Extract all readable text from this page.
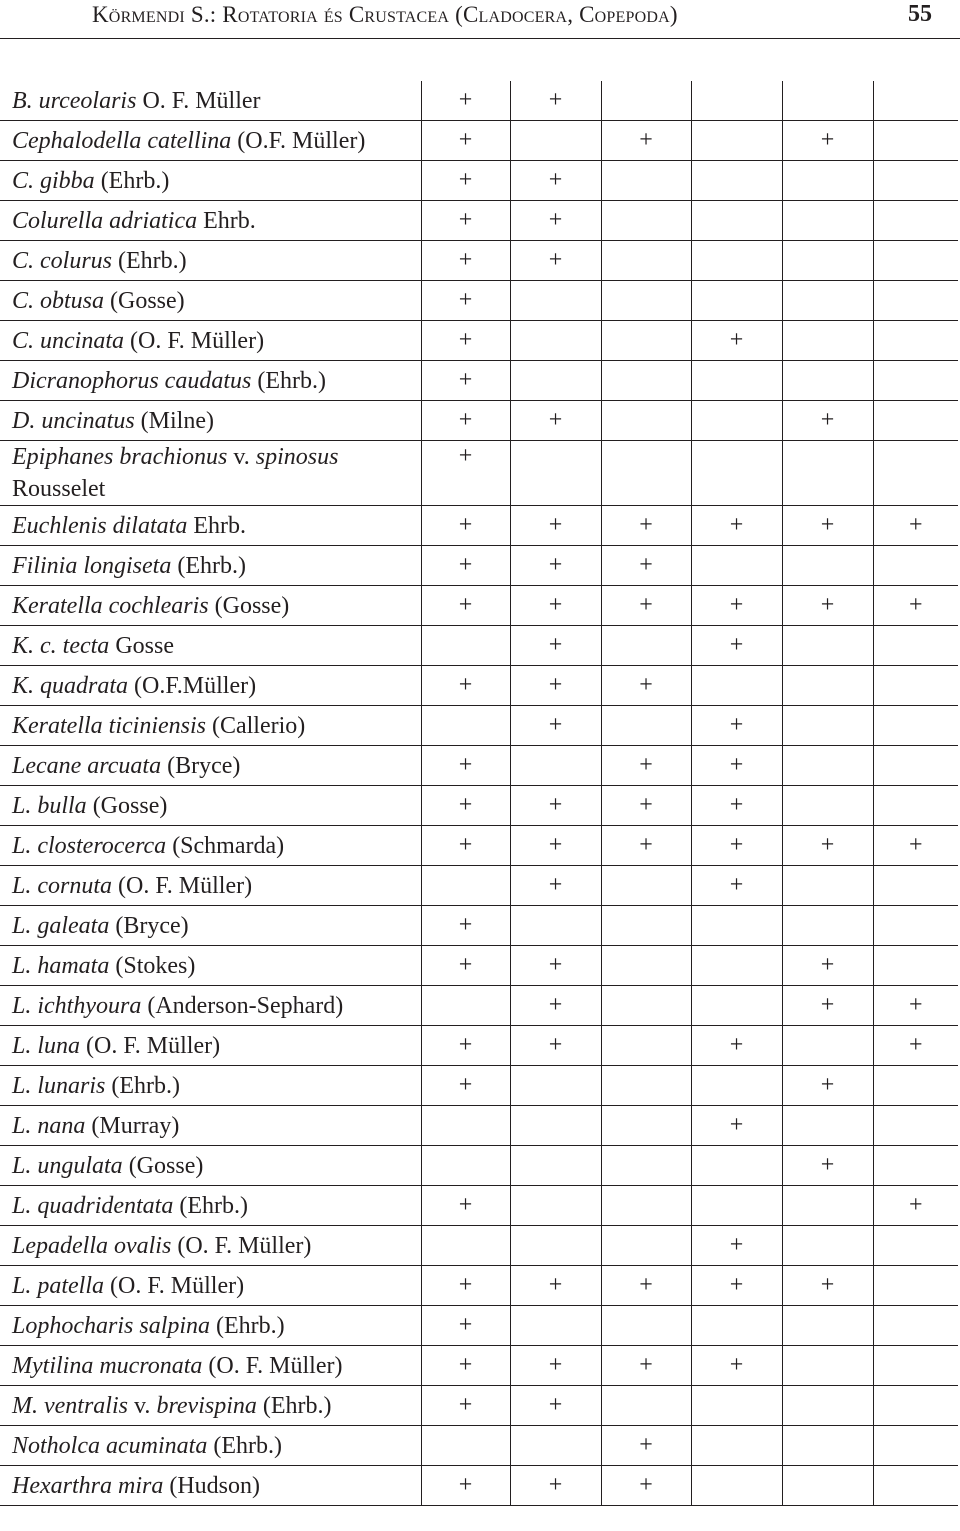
Körmendi S.: Rotatoria és Crustacea (Cladocera, Copepoda)	55
B. urceolaris O. F. Müller	+	+				
Cephalodella catellina (O.F. Müller)	+		+		+	
C. gibba (Ehrb.)	+	+				
Colurella adriatica Ehrb.	+	+				
C. colurus (Ehrb.)	+	+				
C. obtusa (Gosse)	+					
C. uncinata (O. F. Müller)	+			+		
Dicranophorus caudatus (Ehrb.)	+					
D. uncinatus (Milne)	+	+			+	
Epiphanes brachionus v. spinosus
Rousselet	+					
Euchlenis dilatata Ehrb.	+	+	+	+	+	+
Filinia longiseta (Ehrb.)	+	+	+			
Keratella cochlearis (Gosse)	+	+	+	+	+	+
K. c. tecta Gosse		+		+		
K. quadrata (O.F.Müller)	+	+	+			
Keratella ticiniensis (Callerio)		+		+		
Lecane arcuata (Bryce)	+		+	+		
L. bulla (Gosse)	+	+	+	+		
L. closterocerca (Schmarda)	+	+	+	+	+	+
L. cornuta (O. F. Müller)		+		+		
L. galeata (Bryce)	+					
L. hamata (Stokes)	+	+			+	
L. ichthyoura (Anderson-Sephard)		+			+	+
L. luna (O. F. Müller)	+	+		+		+
L. lunaris (Ehrb.)	+				+	
L. nana (Murray)				+		
L. ungulata (Gosse)					+	
L. quadridentata (Ehrb.)	+					+
Lepadella ovalis (O. F. Müller)				+		
L. patella (O. F. Müller)	+	+	+	+	+	
Lophocharis salpina (Ehrb.)	+					
Mytilina mucronata (O. F. Müller)	+	+	+	+		
M. ventralis v. brevispina (Ehrb.)	+	+				
Notholca acuminata (Ehrb.)			+			
Hexarthra mira (Hudson)	+	+	+			
